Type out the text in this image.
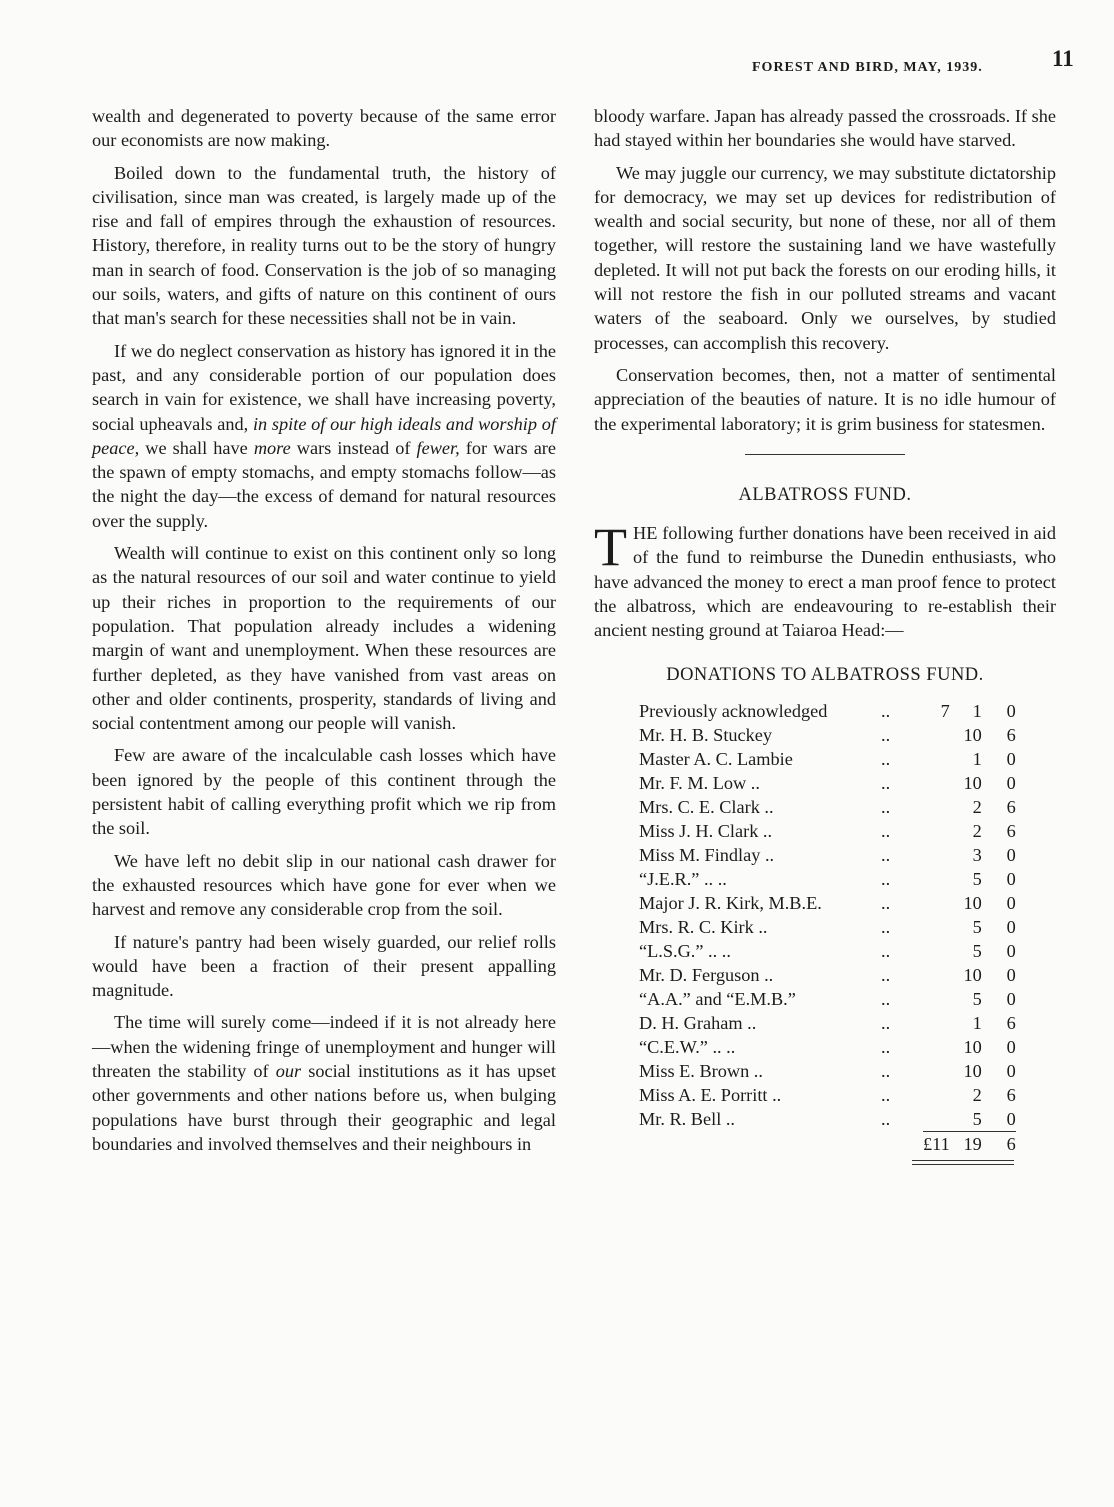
FOREST AND BIRD, MAY, 1939.	11

wealth and degenerated to poverty because of the same error our economists are now making.

Boiled down to the fundamental truth, the history of civilisation, since man was created, is largely made up of the rise and fall of empires through the exhaustion of resources. History, therefore, in reality turns out to be the story of hungry man in search of food. Conservation is the job of so managing our soils, waters, and gifts of nature on this continent of ours that man's search for these necessities shall not be in vain.

If we do neglect conservation as history has ignored it in the past, and any considerable portion of our population does search in vain for existence, we shall have increasing poverty, social upheavals and, in spite of our high ideals and worship of peace, we shall have more wars instead of fewer, for wars are the spawn of empty stomachs, and empty stomachs follow—as the night the day—the excess of demand for natural resources over the supply.

Wealth will continue to exist on this continent only so long as the natural resources of our soil and water continue to yield up their riches in proportion to the requirements of our population. That population already includes a widening margin of want and unemployment. When these resources are further depleted, as they have vanished from vast areas on other and older continents, prosperity, standards of living and social contentment among our people will vanish.

Few are aware of the incalculable cash losses which have been ignored by the people of this continent through the persistent habit of calling everything profit which we rip from the soil.

We have left no debit slip in our national cash drawer for the exhausted resources which have gone for ever when we harvest and remove any considerable crop from the soil.

If nature's pantry had been wisely guarded, our relief rolls would have been a fraction of their present appalling magnitude.

The time will surely come—indeed if it is not already here—when the widening fringe of unemployment and hunger will threaten the stability of our social institutions as it has upset other governments and other nations before us, when bulging populations have burst through their geographic and legal boundaries and involved themselves and their neighbours in

bloody warfare. Japan has already passed the crossroads. If she had stayed within her boundaries she would have starved.

We may juggle our currency, we may substitute dictatorship for democracy, we may set up devices for redistribution of wealth and social security, but none of these, nor all of them together, will restore the sustaining land we have wastefully depleted. It will not put back the forests on our eroding hills, it will not restore the fish in our polluted streams and vacant waters of the seaboard. Only we ourselves, by studied processes, can accomplish this recovery.

Conservation becomes, then, not a matter of sentimental appreciation of the beauties of nature. It is no idle humour of the experimental laboratory; it is grim business for statesmen.

ALBATROSS FUND.

THE following further donations have been received in aid of the fund to reimburse the Dunedin enthusiasts, who have advanced the money to erect a man proof fence to protect the albatross, which are endeavouring to re-establish their ancient nesting ground at Taiaroa Head:—

DONATIONS TO ALBATROSS FUND.
Previously acknowledged	..	7	1	0
Mr. H. B. Stuckey	..		10	6
Master A. C. Lambie	..		1	0
Mr. F. M. Low ..	..		10	0
Mrs. C. E. Clark ..	..		2	6
Miss J. H. Clark ..	..		2	6
Miss M. Findlay ..	..		3	0
“J.E.R.” .. ..	..		5	0
Major J. R. Kirk, M.B.E.	..		10	0
Mrs. R. C. Kirk ..	..		5	0
“L.S.G.” .. ..	..		5	0
Mr. D. Ferguson ..	..		10	0
“A.A.” and “E.M.B.”	..		5	0
D. H. Graham ..	..		1	6
“C.E.W.” .. ..	..		10	0
Miss E. Brown ..	..		10	0
Miss A. E. Porritt ..	..		2	6
Mr. R. Bell ..	..		5	0
		£11	19	6
